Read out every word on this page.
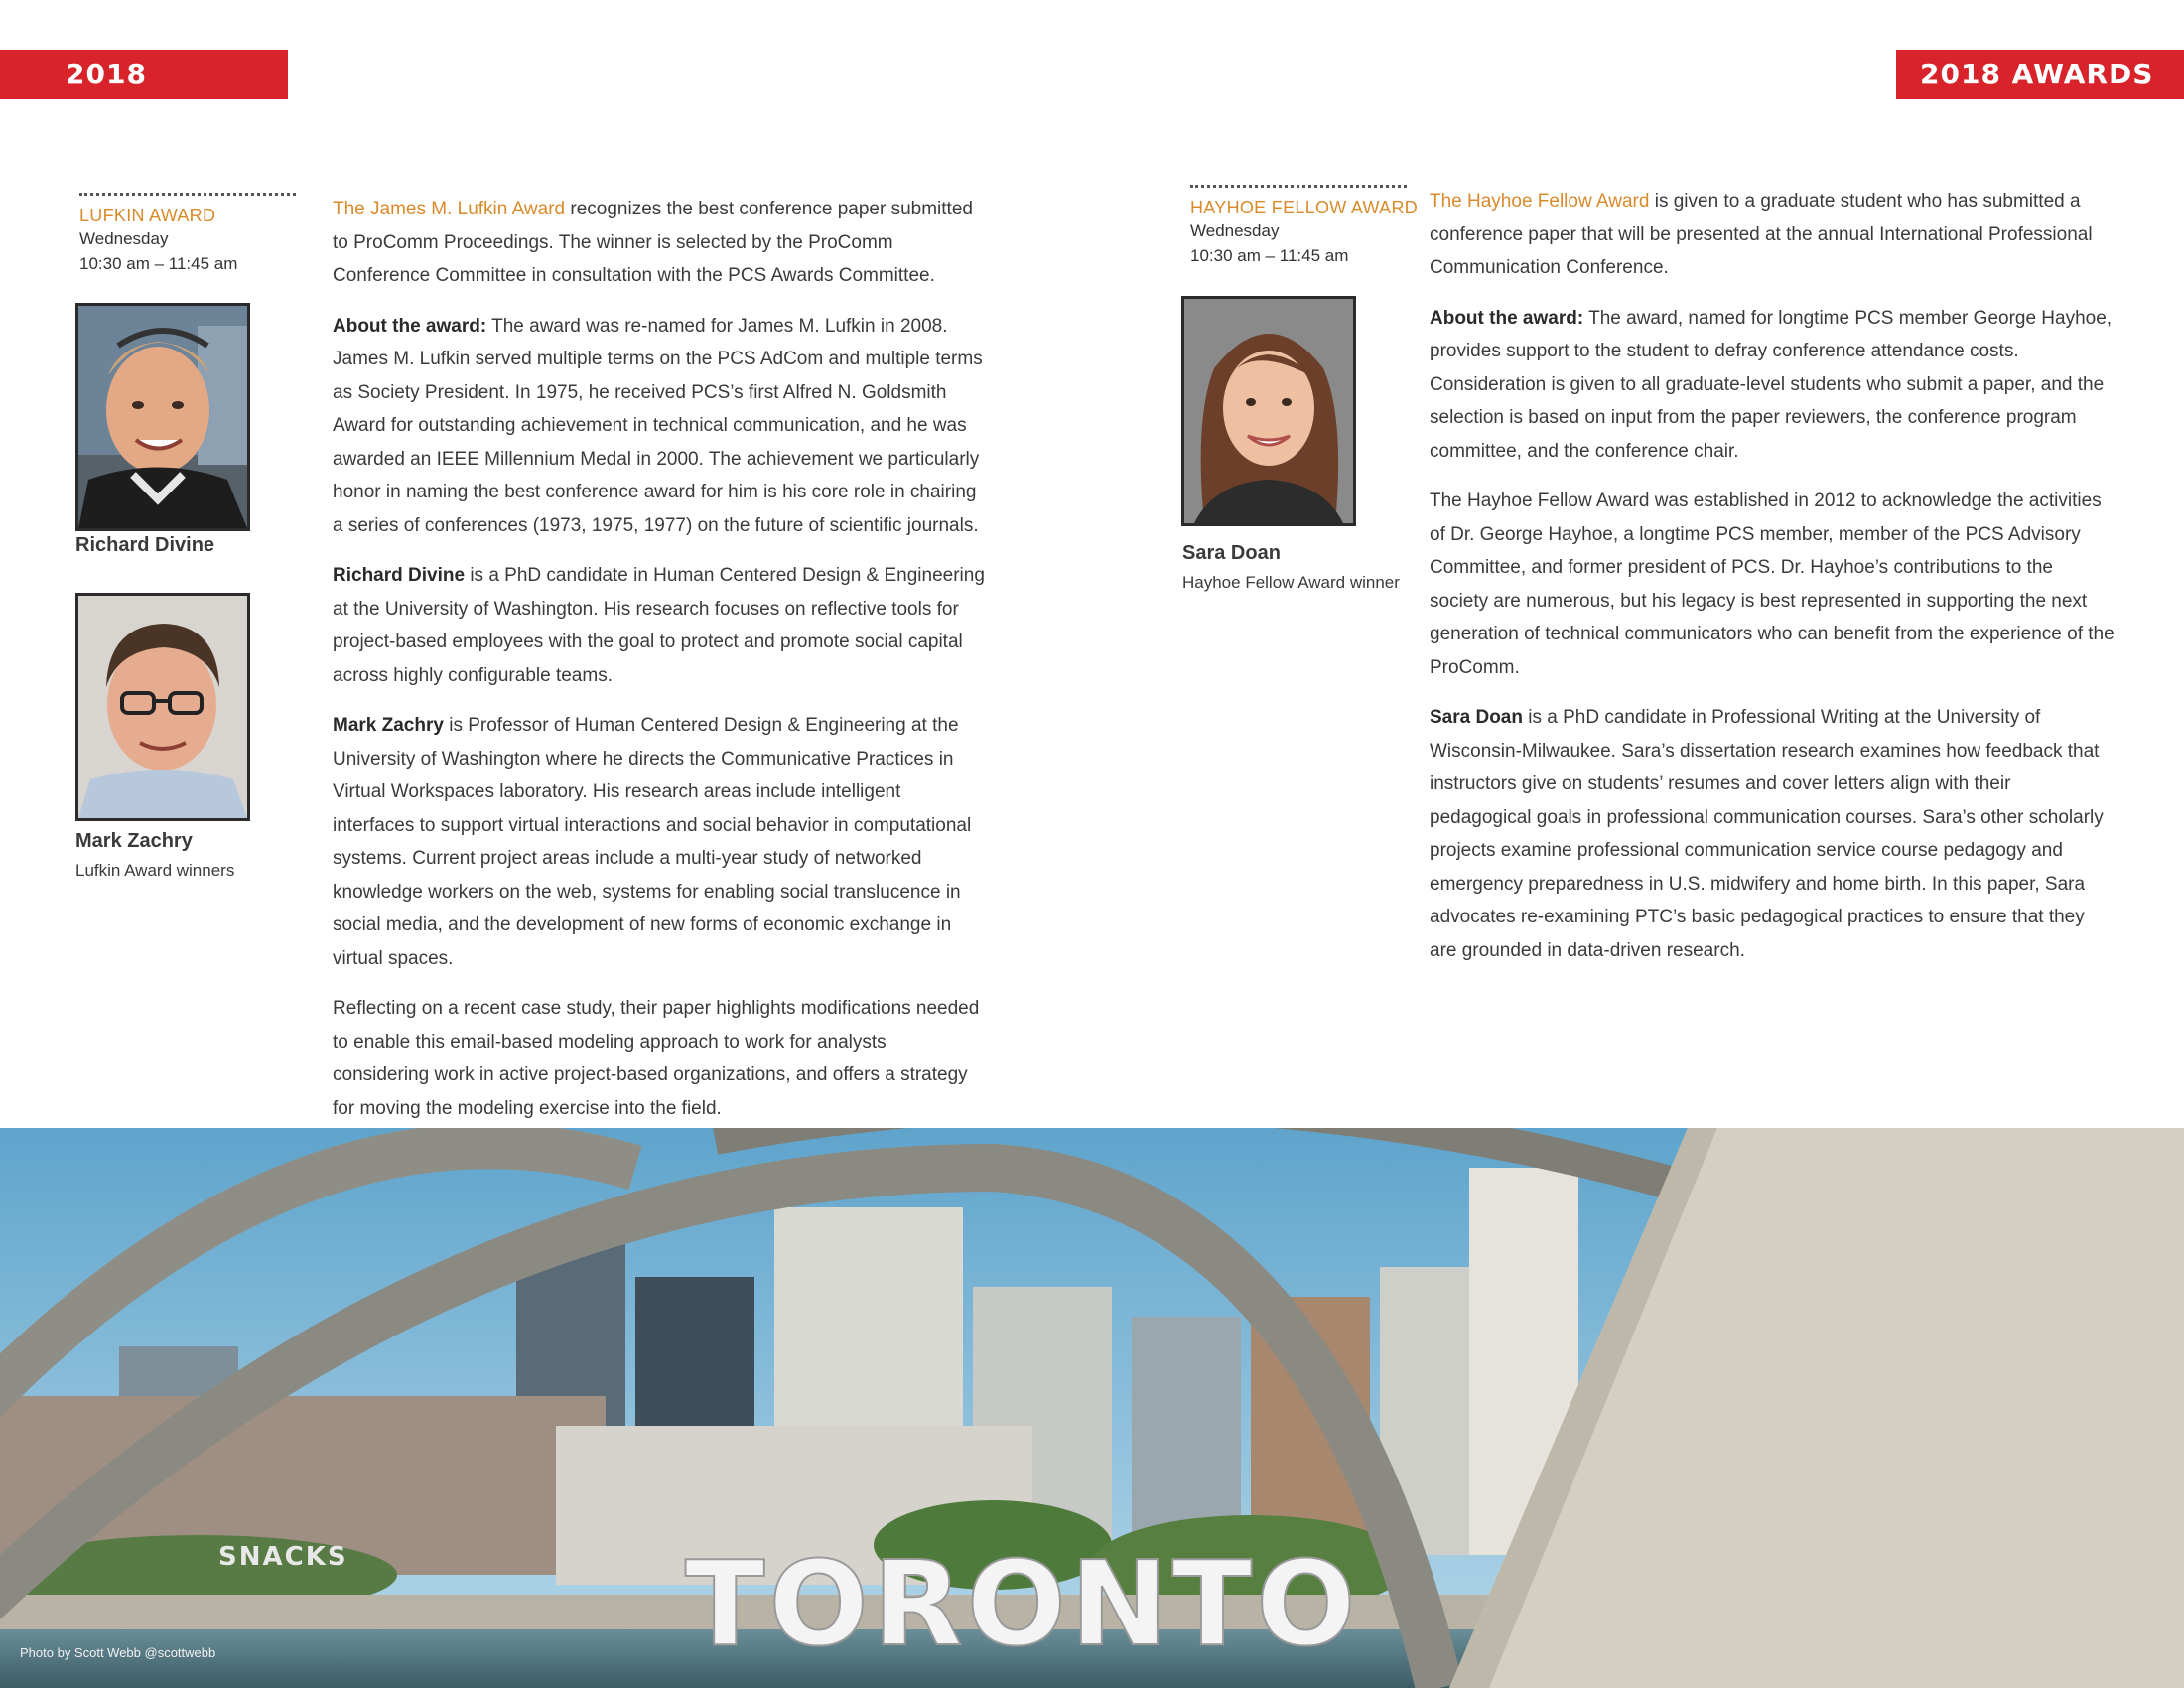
2018 AWARDS
2018 AWARDS
LUFKIN AWARD
Wednesday
10:30 am – 11:45 am
Richard Divine
Mark Zachry
Lufkin Award winners

The James M. Lufkin Award recognizes the best conference paper submitted to ProComm Proceedings. The winner is selected by the ProComm Conference Committee in consultation with the PCS Awards Committee.

About the award: The award was re-named for James M. Lufkin in 2008. James M. Lufkin served multiple terms on the PCS AdCom and multiple terms as Society President. In 1975, he received PCS’s first Alfred N. Goldsmith Award for outstanding achievement in technical communication, and he was awarded an IEEE Millennium Medal in 2000. The achievement we particularly honor in naming the best conference award for him is his core role in chairing a series of conferences (1973, 1975, 1977) on the future of scientific journals.

Richard Divine is a PhD candidate in Human Centered Design & Engineering at the University of Washington. His research focuses on reflective tools for project-based employees with the goal to protect and promote social capital across highly configurable teams.

Mark Zachry is Professor of Human Centered Design & Engineering at the University of Washington where he directs the Communicative Practices in Virtual Workspaces laboratory. His research areas include intelligent interfaces to support virtual interactions and social behavior in computational systems. Current project areas include a multi-year study of networked knowledge workers on the web, systems for enabling social translucence in social media, and the development of new forms of economic exchange in virtual spaces.

Reflecting on a recent case study, their paper highlights modifications needed to enable this email-based modeling approach to work for analysts considering work in active project-based organizations, and offers a strategy for moving the modeling exercise into the field.

HAYHOE FELLOW AWARD
Wednesday
10:30 am – 11:45 am
Sara Doan
Hayhoe Fellow Award winner

The Hayhoe Fellow Award is given to a graduate student who has submitted a conference paper that will be presented at the annual International Professional Communication Conference.

About the award: The award, named for longtime PCS member George Hayhoe, provides support to the student to defray conference attendance costs. Consideration is given to all graduate-level students who submit a paper, and the selection is based on input from the paper reviewers, the conference program committee, and the conference chair.

The Hayhoe Fellow Award was established in 2012 to acknowledge the activities of Dr. George Hayhoe, a longtime PCS member, member of the PCS Advisory Committee, and former president of PCS. Dr. Hayhoe’s contributions to the society are numerous, but his legacy is best represented in supporting the next generation of technical communicators who can benefit from the experience of the ProComm.

Sara Doan is a PhD candidate in Professional Writing at the University of Wisconsin-Milwaukee. Sara’s dissertation research examines how feedback that instructors give on students’ resumes and cover letters align with their pedagogical goals in professional communication courses. Sara’s other scholarly projects examine professional communication service course pedagogy and emergency preparedness in U.S. midwifery and home birth. In this paper, Sara advocates re-examining PTC’s basic pedagogical practices to ensure that they are grounded in data-driven research.

TORONTO
SNACKS
Photo by Scott Webb @scottwebb
